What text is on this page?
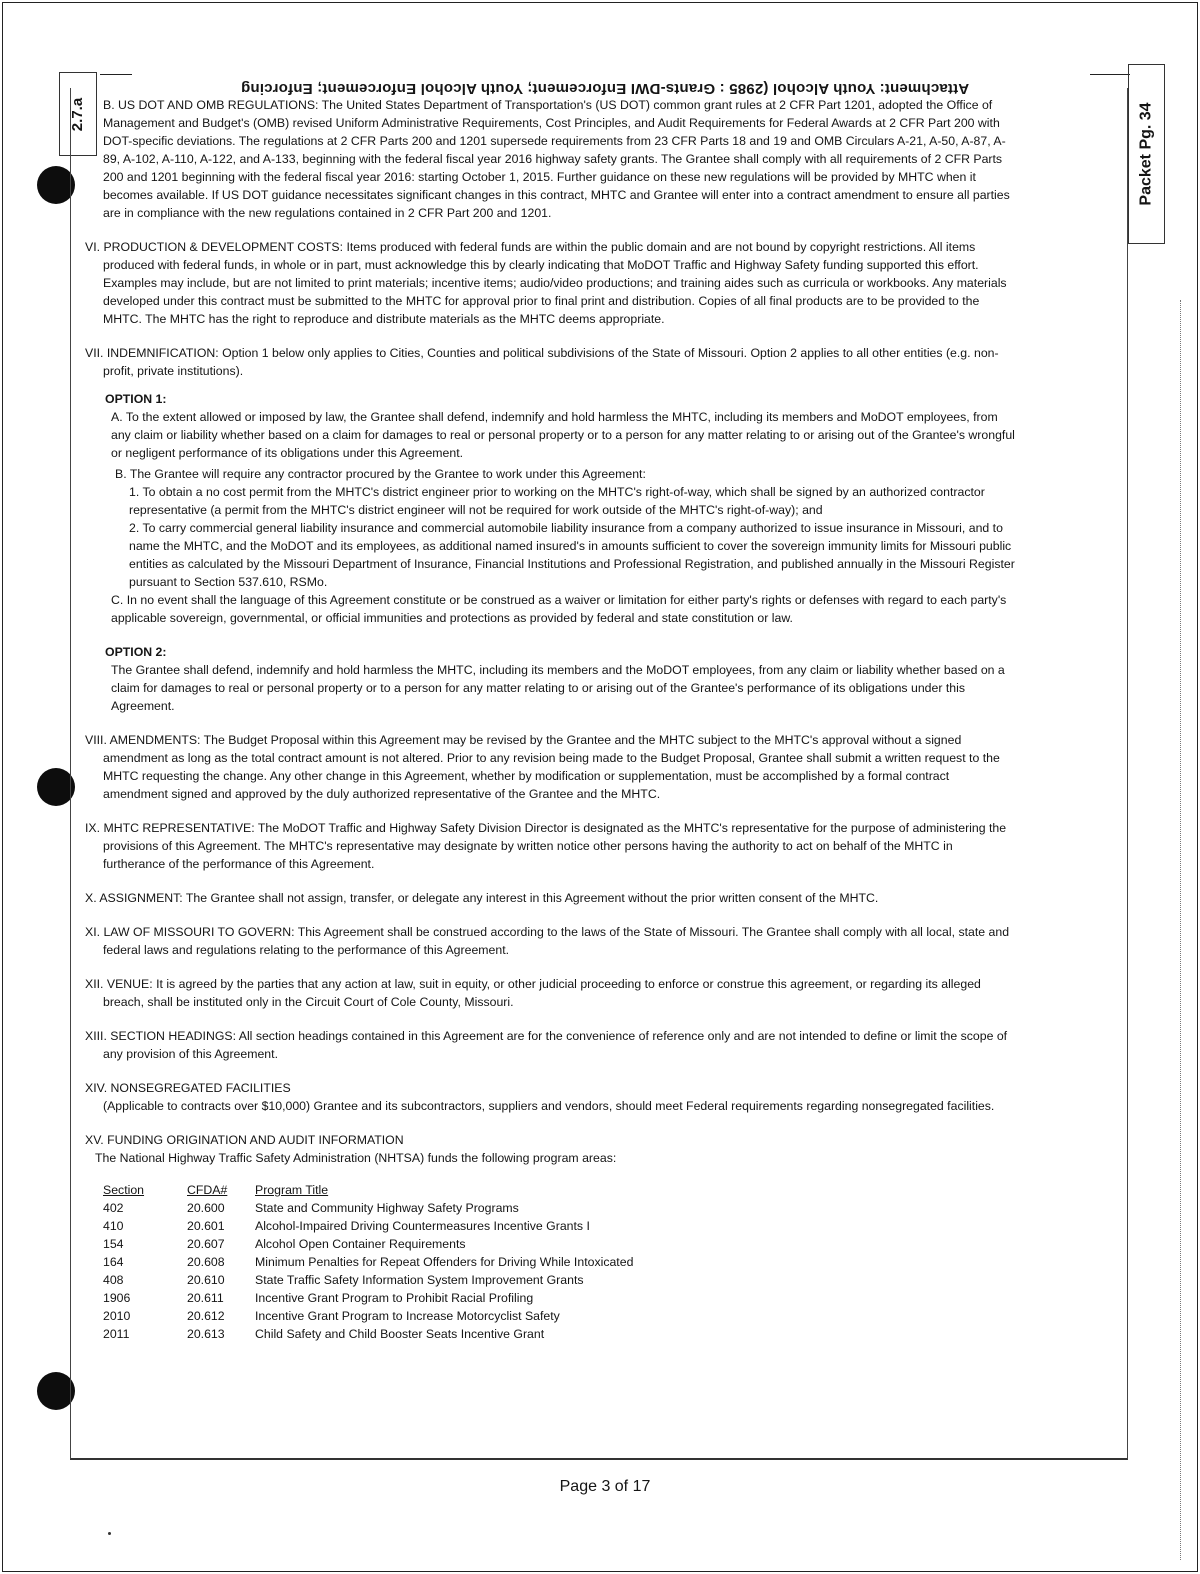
Attachment: Youth Alcohol (2985 : Grants-DWI Enforcement; Youth Alcohol Enforcement; Enforcing
2.7.a	Packet Pg. 34

B. US DOT AND OMB REGULATIONS: The United States Department of Transportation's (US DOT) common grant rules at 2 CFR Part 1201, adopted the Office of Management and Budget's (OMB) revised Uniform Administrative Requirements, Cost Principles, and Audit Requirements for Federal Awards at 2 CFR Part 200 with DOT-specific deviations. The regulations at 2 CFR Parts 200 and 1201 supersede requirements from 23 CFR Parts 18 and 19 and OMB Circulars A-21, A-50, A-87, A-89, A-102, A-110, A-122, and A-133, beginning with the federal fiscal year 2016 highway safety grants. The Grantee shall comply with all requirements of 2 CFR Parts 200 and 1201 beginning with the federal fiscal year 2016: starting October 1, 2015. Further guidance on these new regulations will be provided by MHTC when it becomes available. If US DOT guidance necessitates significant changes in this contract, MHTC and Grantee will enter into a contract amendment to ensure all parties are in compliance with the new regulations contained in 2 CFR Part 200 and 1201.

VI. PRODUCTION & DEVELOPMENT COSTS: Items produced with federal funds are within the public domain and are not bound by copyright restrictions. All items produced with federal funds, in whole or in part, must acknowledge this by clearly indicating that MoDOT Traffic and Highway Safety funding supported this effort. Examples may include, but are not limited to print materials; incentive items; audio/video productions; and training aides such as curricula or workbooks. Any materials developed under this contract must be submitted to the MHTC for approval prior to final print and distribution. Copies of all final products are to be provided to the MHTC. The MHTC has the right to reproduce and distribute materials as the MHTC deems appropriate.

VII. INDEMNIFICATION: Option 1 below only applies to Cities, Counties and political subdivisions of the State of Missouri. Option 2 applies to all other entities (e.g. non-profit, private institutions).

OPTION 1:

A. To the extent allowed or imposed by law, the Grantee shall defend, indemnify and hold harmless the MHTC, including its members and MoDOT employees, from any claim or liability whether based on a claim for damages to real or personal property or to a person for any matter relating to or arising out of the Grantee's wrongful or negligent performance of its obligations under this Agreement.

B. The Grantee will require any contractor procured by the Grantee to work under this Agreement:

1. To obtain a no cost permit from the MHTC's district engineer prior to working on the MHTC's right-of-way, which shall be signed by an authorized contractor representative (a permit from the MHTC's district engineer will not be required for work outside of the MHTC's right-of-way); and

2. To carry commercial general liability insurance and commercial automobile liability insurance from a company authorized to issue insurance in Missouri, and to name the MHTC, and the MoDOT and its employees, as additional named insured's in amounts sufficient to cover the sovereign immunity limits for Missouri public entities as calculated by the Missouri Department of Insurance, Financial Institutions and Professional Registration, and published annually in the Missouri Register pursuant to Section 537.610, RSMo.

C. In no event shall the language of this Agreement constitute or be construed as a waiver or limitation for either party's rights or defenses with regard to each party's applicable sovereign, governmental, or official immunities and protections as provided by federal and state constitution or law.

OPTION 2:

The Grantee shall defend, indemnify and hold harmless the MHTC, including its members and the MoDOT employees, from any claim or liability whether based on a claim for damages to real or personal property or to a person for any matter relating to or arising out of the Grantee's performance of its obligations under this Agreement.

VIII. AMENDMENTS: The Budget Proposal within this Agreement may be revised by the Grantee and the MHTC subject to the MHTC's approval without a signed amendment as long as the total contract amount is not altered. Prior to any revision being made to the Budget Proposal, Grantee shall submit a written request to the MHTC requesting the change. Any other change in this Agreement, whether by modification or supplementation, must be accomplished by a formal contract amendment signed and approved by the duly authorized representative of the Grantee and the MHTC.

IX. MHTC REPRESENTATIVE: The MoDOT Traffic and Highway Safety Division Director is designated as the MHTC's representative for the purpose of administering the provisions of this Agreement. The MHTC's representative may designate by written notice other persons having the authority to act on behalf of the MHTC in furtherance of the performance of this Agreement.

X. ASSIGNMENT: The Grantee shall not assign, transfer, or delegate any interest in this Agreement without the prior written consent of the MHTC.

XI. LAW OF MISSOURI TO GOVERN: This Agreement shall be construed according to the laws of the State of Missouri. The Grantee shall comply with all local, state and federal laws and regulations relating to the performance of this Agreement.

XII. VENUE: It is agreed by the parties that any action at law, suit in equity, or other judicial proceeding to enforce or construe this agreement, or regarding its alleged breach, shall be instituted only in the Circuit Court of Cole County, Missouri.

XIII. SECTION HEADINGS: All section headings contained in this Agreement are for the convenience of reference only and are not intended to define or limit the scope of any provision of this Agreement.

XIV. NONSEGREGATED FACILITIES

(Applicable to contracts over $10,000) Grantee and its subcontractors, suppliers and vendors, should meet Federal requirements regarding nonsegregated facilities.

XV. FUNDING ORIGINATION AND AUDIT INFORMATION

The National Highway Traffic Safety Administration (NHTSA) funds the following program areas:

Section	CFDA#	Program Title
402	20.600	State and Community Highway Safety Programs
410	20.601	Alcohol-Impaired Driving Countermeasures Incentive Grants I
154	20.607	Alcohol Open Container Requirements
164	20.608	Minimum Penalties for Repeat Offenders for Driving While Intoxicated
408	20.610	State Traffic Safety Information System Improvement Grants
1906	20.611	Incentive Grant Program to Prohibit Racial Profiling
2010	20.612	Incentive Grant Program to Increase Motorcyclist Safety
2011	20.613	Child Safety and Child Booster Seats Incentive Grant
Page 3 of 17
